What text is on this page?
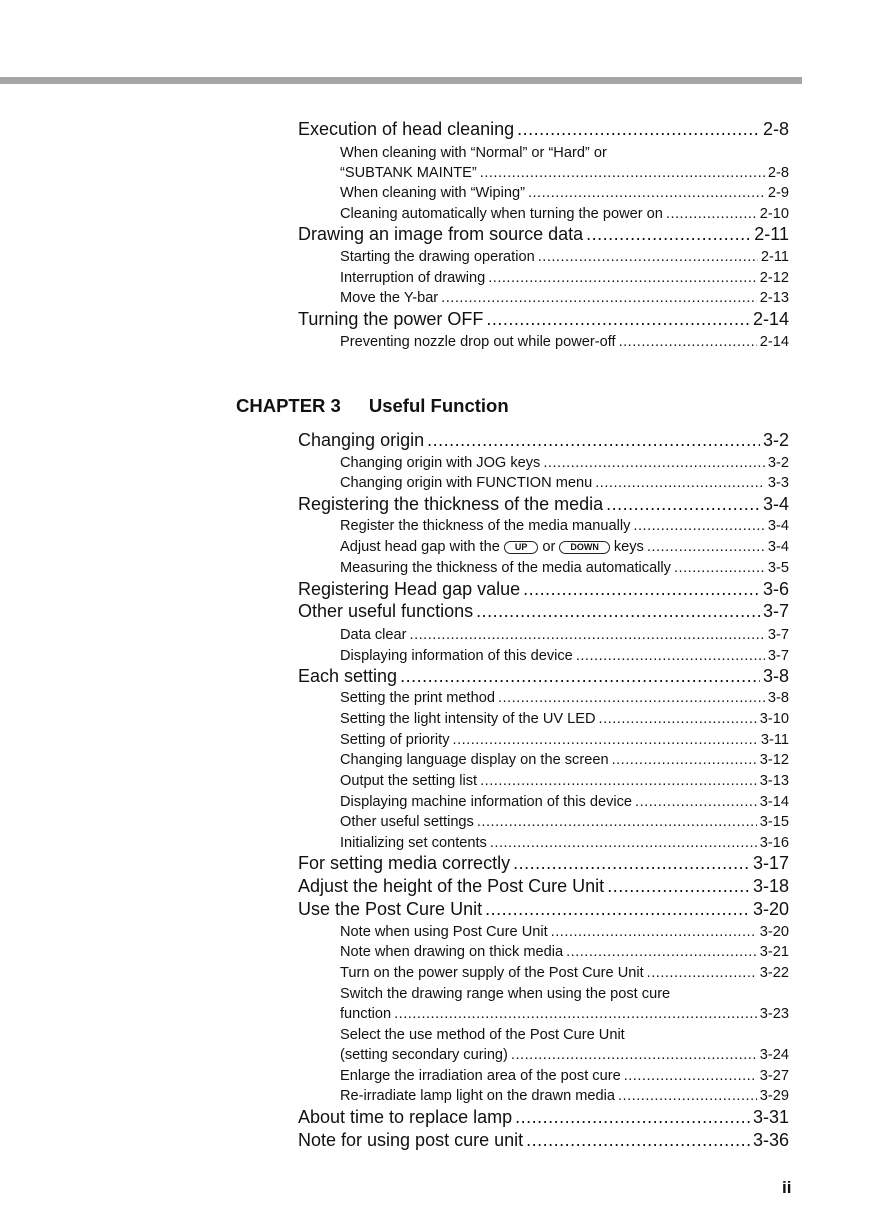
Execution of head cleaning .....	2-8
When cleaning with “Normal” or “Hard” or
“SUBTANK MAINTE” .....	2-8
When cleaning with “Wiping” .....	2-9
Cleaning automatically when turning the power on .....	2-10
Drawing an image from source data .....	2-11
Starting the drawing operation .....	2-11
Interruption of drawing .....	2-12
Move the Y-bar .....	2-13
Turning the power OFF .....	2-14
Preventing nozzle drop out while power-off .....	2-14
CHAPTER 3 Useful Function
Changing origin .....	3-2
Changing origin with JOG keys .....	3-2
Changing origin with FUNCTION menu .....	3-3
Registering the thickness of the media .....	3-4
Register the thickness of the media manually .....	3-4
Adjust head gap with the UP or DOWN keys .....	3-4
Measuring the thickness of the media automatically .....	3-5
Registering Head gap value .....	3-6
Other useful functions .....	3-7
Data clear .....	3-7
Displaying information of this device .....	3-7
Each setting .....	3-8
Setting the print method .....	3-8
Setting the light intensity of the UV LED .....	3-10
Setting of priority .....	3-11
Changing language display on the screen .....	3-12
Output the setting list .....	3-13
Displaying machine information of this device .....	3-14
Other useful settings .....	3-15
Initializing set contents .....	3-16
For setting media correctly .....	3-17
Adjust the height of the Post Cure Unit .....	3-18
Use the Post Cure Unit .....	3-20
Note when using Post Cure Unit .....	3-20
Note when drawing on thick media .....	3-21
Turn on the power supply of the Post Cure Unit .....	3-22
Switch the drawing range when using the post cure
function .....	3-23
Select the use method of the Post Cure Unit
(setting secondary curing) .....	3-24
Enlarge the irradiation area of the post cure .....	3-27
Re-irradiate lamp light on the drawn media .....	3-29
About time to replace lamp .....	3-31
Note for using post cure unit .....	3-36
ii
